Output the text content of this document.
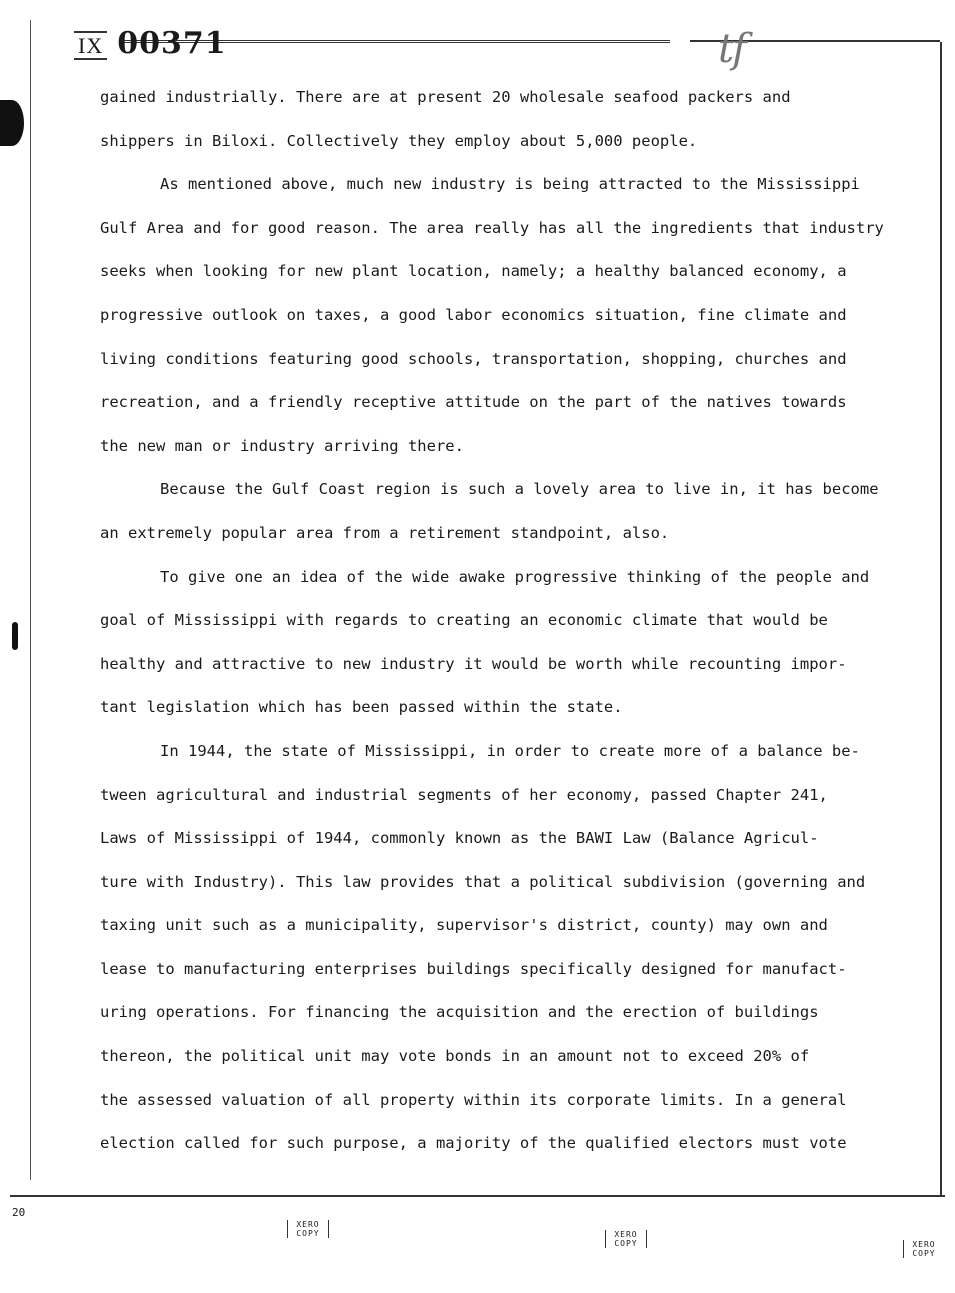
IX 00371	tf
gained industrially. There are at present 20 wholesale seafood packers and
shippers in Biloxi. Collectively they employ about 5,000 people.
As mentioned above, much new industry is being attracted to the Mississippi
Gulf Area and for good reason. The area really has all the ingredients that industry
seeks when looking for new plant location, namely; a healthy balanced economy, a
progressive outlook on taxes, a good labor economics situation, fine climate and
living conditions featuring good schools, transportation, shopping, churches and
recreation, and a friendly receptive attitude on the part of the natives towards
the new man or industry arriving there.
Because the Gulf Coast region is such a lovely area to live in, it has become
an extremely popular area from a retirement standpoint, also.
To give one an idea of the wide awake progressive thinking of the people and
goal of Mississippi with regards to creating an economic climate that would be
healthy and attractive to new industry it would be worth while recounting impor-
tant legislation which has been passed within the state.
In 1944, the state of Mississippi, in order to create more of a balance be-
tween agricultural and industrial segments of her economy, passed Chapter 241,
Laws of Mississippi of 1944, commonly known as the BAWI Law (Balance Agricul-
ture with Industry). This law provides that a political subdivision (governing and
taxing unit such as a municipality, supervisor's district, county) may own and
lease to manufacturing enterprises buildings specifically designed for manufact-
uring operations. For financing the acquisition and the erection of buildings
thereon, the political unit may vote bonds in an amount not to exceed 20% of
the assessed valuation of all property within its corporate limits. In a general
election called for such purpose, a majority of the qualified electors must vote
20
XERO COPY	XERO COPY	XERO COPY
